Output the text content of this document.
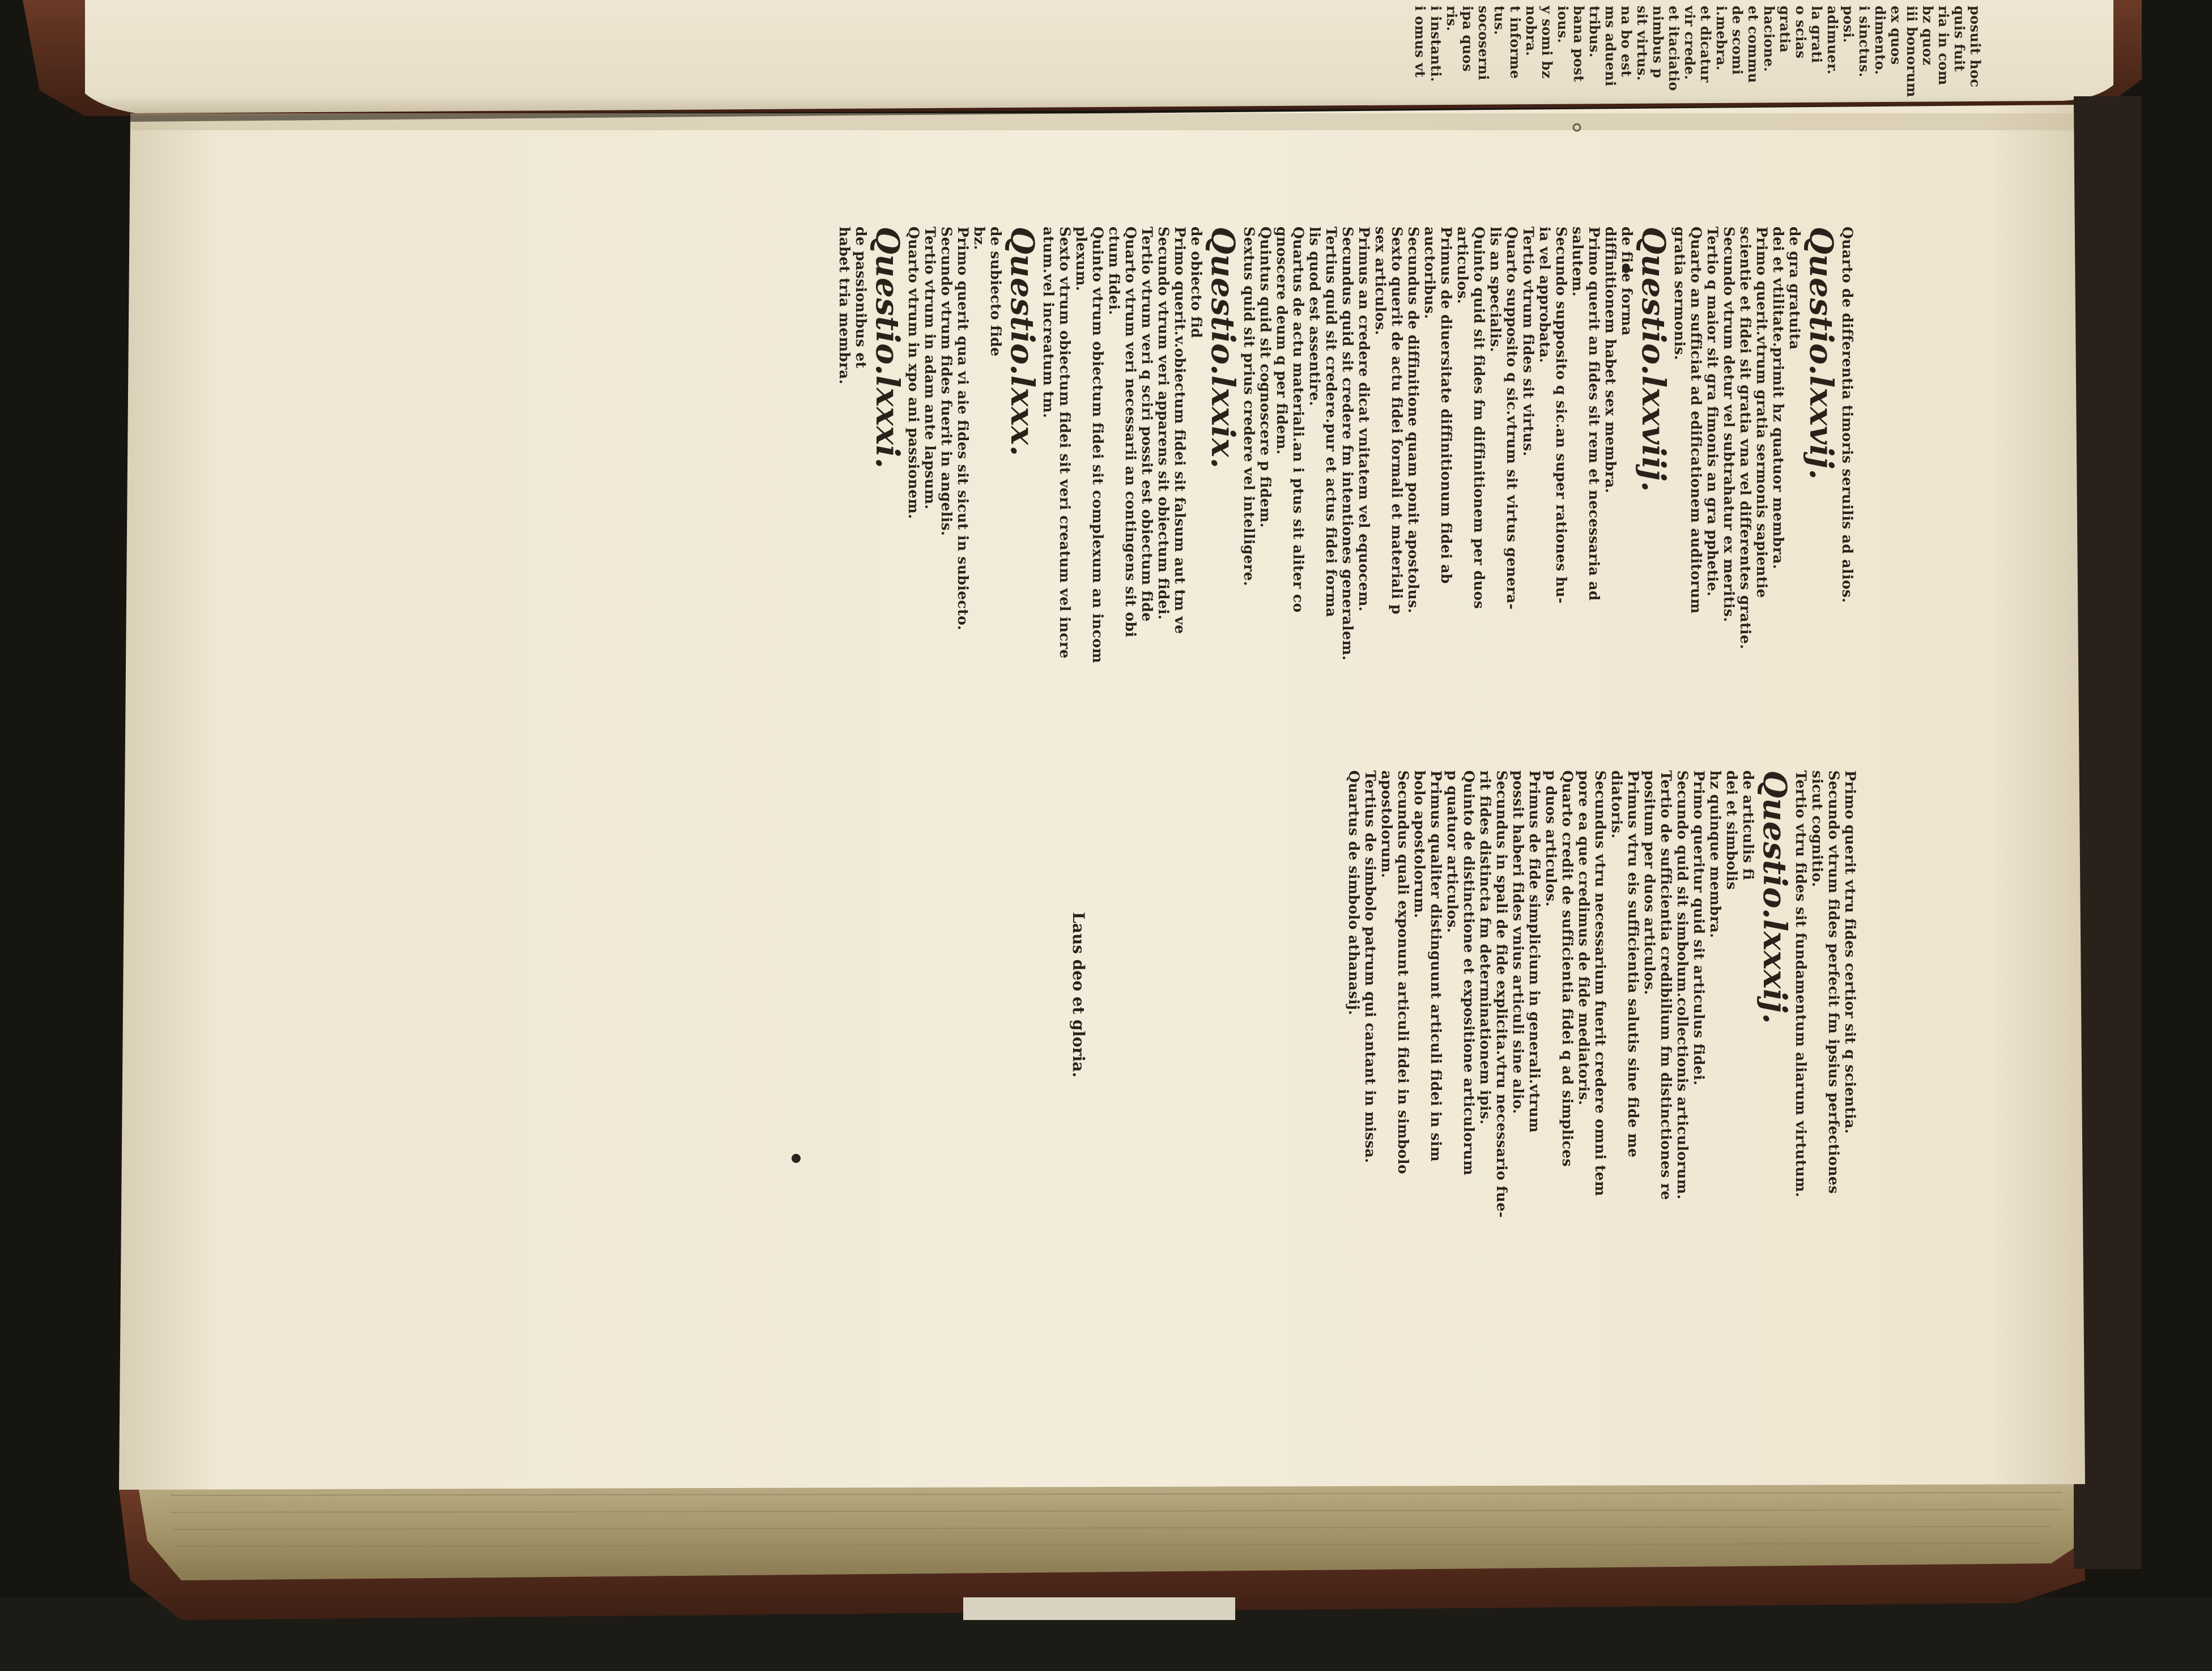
posuit hoc
quis fuit
ria in com
bz quoz
iii bonorum
ex quos
dimento.
i sinctus.
posi.
adimuer.
la grati
o scias
gratia
hacione.
et commu
de scomi
i.mebra.
et dicatur
vir crede.
et itaciatio
nimbus p
sit virtus.
na bo est
ms adueni
tribus.
bana post
ious.
y somi bz
nobra.
t informe
tus.
socoserni
ipa quos
ris.
i instanti.
i omus vt
Quarto de differentia timoris seruilis ad alios.
Questio.lxxvij.
de gra gratuita
dei et vtilitate.primit hz quatuor membra.
Primo querit.vtrum gratia sermonis sapientie
scientie et fidei sit gratia vna vel differentes gratie.
Secundo vtrum detur vel subtrahatur ex meritis.
Tertio q maior sit gra fimonis an gra pphetie.
Quarto an sufficiat ad edificationem auditorum
gratia sermonis.
Questio.lxxviij.
de fide forma
diffinitionem habet sex membra.
Primo querit an fides sit rem et necessaria ad
salutem.
Secundo supposito q sic.an super rationes hu-
ia vel approbata.
Tertio vtrum fides sit virtus.
Quarto supposito q sic.vtrum sit virtus genera-
lis an specialis.
Quinto quid sit fides fm diffinitionem per duos
articulos.
Primus de diuersitate diffinitionum fidei ab
auctoribus.
Secundus de diffinitione quam ponit apostolus.
Sexto querit de actu fidei formali et materiali p
sex articulos.
Primus an credere dicat vnitatem vel equocem.
Secundus quid sit credere fm intentiones generalem.
Tertius quid sit credere.pur et actus fidei forma
lis quod est assentire.
Quartus de actu materiali.an i ptus sit aliter co
gnoscere deum q per fidem.
Quintus quid sit cognoscere p fidem.
Sextus quid sit prius credere vel intelligere.
Questio.lxxix.
de obiecto fid
Primo querit.v.obiectum fidei sit falsum aut tm ve
Secundo vtrum veri apparens sit obiectum fidei.
Tertio vtrum veri q sciri possit est obiectum fide
Quarto vtrum veri necessarii an contingens sit obi
ctum fidei.
Quinto vtrum obiectum fidei sit complexum an incom
plexum.
Sexto vtrum obiectum fidei sit veri creatum vel incre
atum.vel increatum tm.
Questio.lxxx.
de subiecto fide
bz.
Primo querit qua vi aie fides sit sicut in subiecto.
Secundo vtrum fides fuerit in angelis.
Tertio vtrum in adam ante lapsum.
Quarto vtrum in xpo ani passionem.
Questio.lxxxi.
de passionibus et
habet tria membra.
Primo querit vtru fides certior sit q scientia.
Secundo vtrum fides perfecit fm ipsius perfectiones
sicut cognitio.
Tertio vtru fides sit fundamentum aliarum virtutum.
Questio.lxxxij.
de articulis fi
dei et simbolis
hz quinque membra.
Primo queritur quid sit articulus fidei.
Secundo quid sit simbolum.collectionis articulorum.
Tertio de sufficientia credibilium fm distinctiones re
positum per duos articulos.
Primus vtru eis sufficientia salutis sine fide me
diatoris.
Secundus vtru necessarium fuerit credere omni tem
pore ea que credimus de fide mediatoris.
Quarto credit de sufficientia fidei q ad simplices
p duos articulos.
Primus de fide simplicium in generali.vtrum
possit haberi fides vnius articuli sine alio.
Secundus in spali de fide explicita.vtru necessario fue-
rit fides distincta fm determinationem ipis.
Quinto de distinctione et expositione articulorum
p quatuor articulos.
Primus qualiter distinguunt articuli fidei in sim
bolo apostolorum.
Secundus quali exponunt articuli fidei in simbolo
apostolorum.
Tertius de simbolo patrum qui cantant in missa.
Quartus de simbolo athanasij.
Laus deo et gloria.
